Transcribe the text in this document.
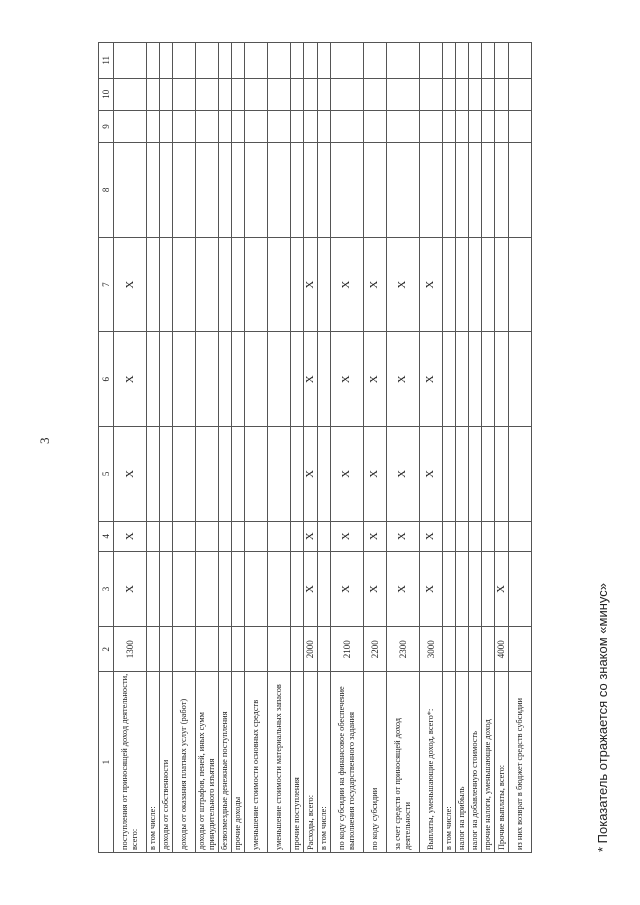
3
1	2	3	4	5	6	7	8	9	10	11
поступления от приносящей доход деятельности, всего:	1300	X	X	X	X	X				
в том числе:										
доходы от собственности										
доходы от оказания платных услуг (работ)										
доходы от штрафов, пеней, иных сумм принудительного изъятия										
безвозмездные денежные поступления										
прочие доходы										
уменьшение стоимости основных средств										
уменьшение стоимости материальных запасов										
прочие поступления										
Расходы, всего:	2000	X	X	X	X	X				
в том числе:										
по коду субсидии на финансовое обеспечение выполнения государственного задания	2100	X	X	X	X	X				
по коду субсидии	2200	X	X	X	X	X				
за счет средств от приносящей доход деятельности	2300	X	X	X	X	X				
Выплаты, уменьшающие доход, всего*:	3000	X	X	X	X	X				
в том числе:										
налог на прибыль										
налог на добавленную стоимость										
прочие налоги, уменьшающие доход										
Прочие выплаты, всего:	4000	X								
из них возврат в бюджет средств субсидии											* Показатель отражается со знаком «минус»
